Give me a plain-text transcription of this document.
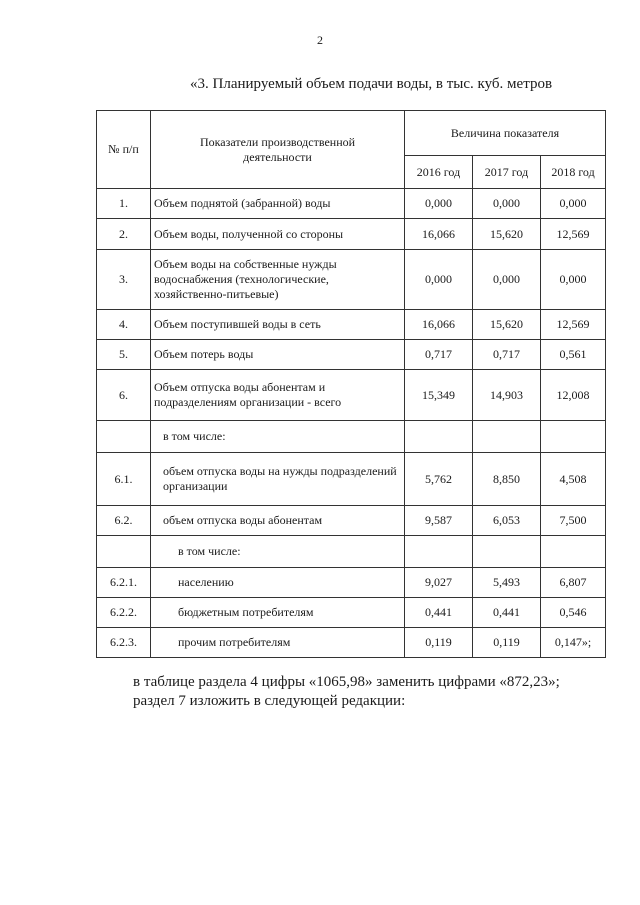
2
«3. Планируемый объем подачи воды, в тыс. куб. метров
№ п/п	Показатели производственной деятельности	Величина показателя		
		2016 год	2017 год	2018 год
1.	Объем поднятой (забранной) воды	0,000	0,000	0,000
2.	Объем воды, полученной со стороны	16,066	15,620	12,569
3.	Объем воды на собственные нужды водоснабжения (технологические, хозяйственно-питьевые)	0,000	0,000	0,000
4.	Объем поступившей воды в сеть	16,066	15,620	12,569
5.	Объем потерь воды	0,717	0,717	0,561
6.	Объем отпуска воды абонентам и подразделениям организации - всего	15,349	14,903	12,008
	в том числе:			
6.1.	объем отпуска воды на нужды подразделений организации	5,762	8,850	4,508
6.2.	объем отпуска воды абонентам	9,587	6,053	7,500
	в том числе:			
6.2.1.	населению	9,027	5,493	6,807
6.2.2.	бюджетным потребителям	0,441	0,441	0,546
6.2.3.	прочим потребителям	0,119	0,119	0,147»;
в таблице раздела 4 цифры «1065,98» заменить цифрами «872,23»;
раздел 7 изложить в следующей редакции:
